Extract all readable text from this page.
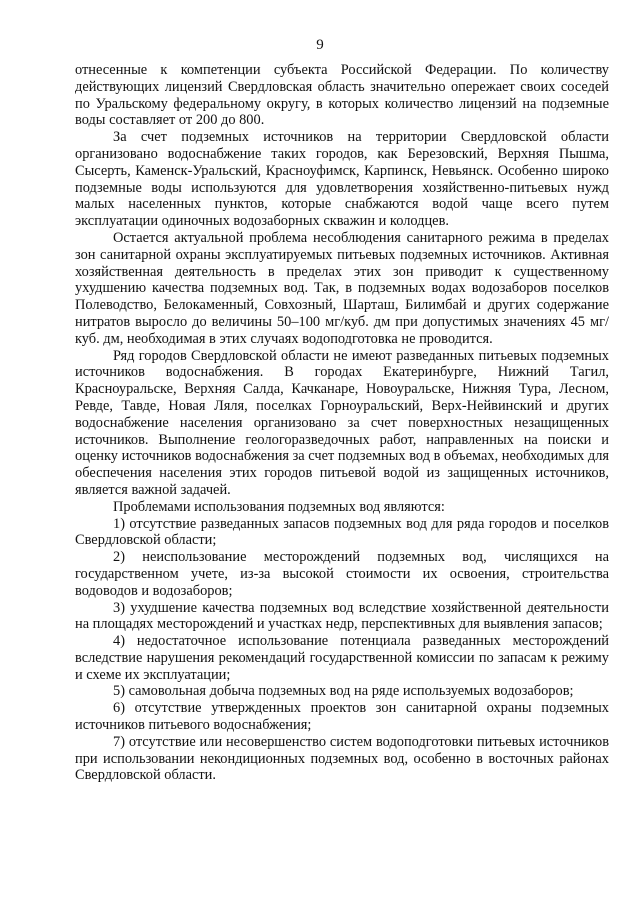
9

отнесенные к компетенции субъекта Российской Федерации. По количеству действующих лицензий Свердловская область значительно опережает своих соседей по Уральскому федеральному округу, в которых количество лицензий на подземные воды составляет от 200 до 800.

За счет подземных источников на территории Свердловской области организовано водоснабжение таких городов, как Березовский, Верхняя Пышма, Сысерть, Каменск-Уральский, Красноуфимск, Карпинск, Невьянск. Особенно широко подземные воды используются для удовлетворения хозяйственно-питьевых нужд малых населенных пунктов, которые снабжаются водой чаще всего путем эксплуатации одиночных водозаборных скважин и колодцев.

Остается актуальной проблема несоблюдения санитарного режима в пределах зон санитарной охраны эксплуатируемых питьевых подземных источников. Активная хозяйственная деятельность в пределах этих зон приводит к существенному ухудшению качества подземных вод. Так, в подземных водах водозаборов поселков Полеводство, Белокаменный, Совхозный, Шарташ, Билимбай и других содержание нитратов выросло до величины 50–100 мг/куб. дм при допустимых значениях 45 мг/куб. дм, необходимая в этих случаях водоподготовка не проводится.

Ряд городов Свердловской области не имеют разведанных питьевых подземных источников водоснабжения. В городах Екатеринбурге, Нижний Тагил, Красноуральске, Верхняя Салда, Качканаре, Новоуральске, Нижняя Тура, Лесном, Ревде, Тавде, Новая Ляля, поселках Горноуральский, Верх-Нейвинский и других водоснабжение населения организовано за счет поверхностных незащищенных источников. Выполнение геологоразведочных работ, направленных на поиски и оценку источников водоснабжения за счет подземных вод в объемах, необходимых для обеспечения населения этих городов питьевой водой из защищенных источников, является важной задачей.

Проблемами использования подземных вод являются:

1) отсутствие разведанных запасов подземных вод для ряда городов и поселков Свердловской области;

2) неиспользование месторождений подземных вод, числящихся на государственном учете, из-за высокой стоимости их освоения, строительства водоводов и водозаборов;

3) ухудшение качества подземных вод вследствие хозяйственной деятельности на площадях месторождений и участках недр, перспективных для выявления запасов;

4) недостаточное использование потенциала разведанных месторождений вследствие нарушения рекомендаций государственной комиссии по запасам к режиму и схеме их эксплуатации;

5) самовольная добыча подземных вод на ряде используемых водозаборов;

6) отсутствие утвержденных проектов зон санитарной охраны подземных источников питьевого водоснабжения;

7) отсутствие или несовершенство систем водоподготовки питьевых источников при использовании некондиционных подземных вод, особенно в восточных районах Свердловской области.
